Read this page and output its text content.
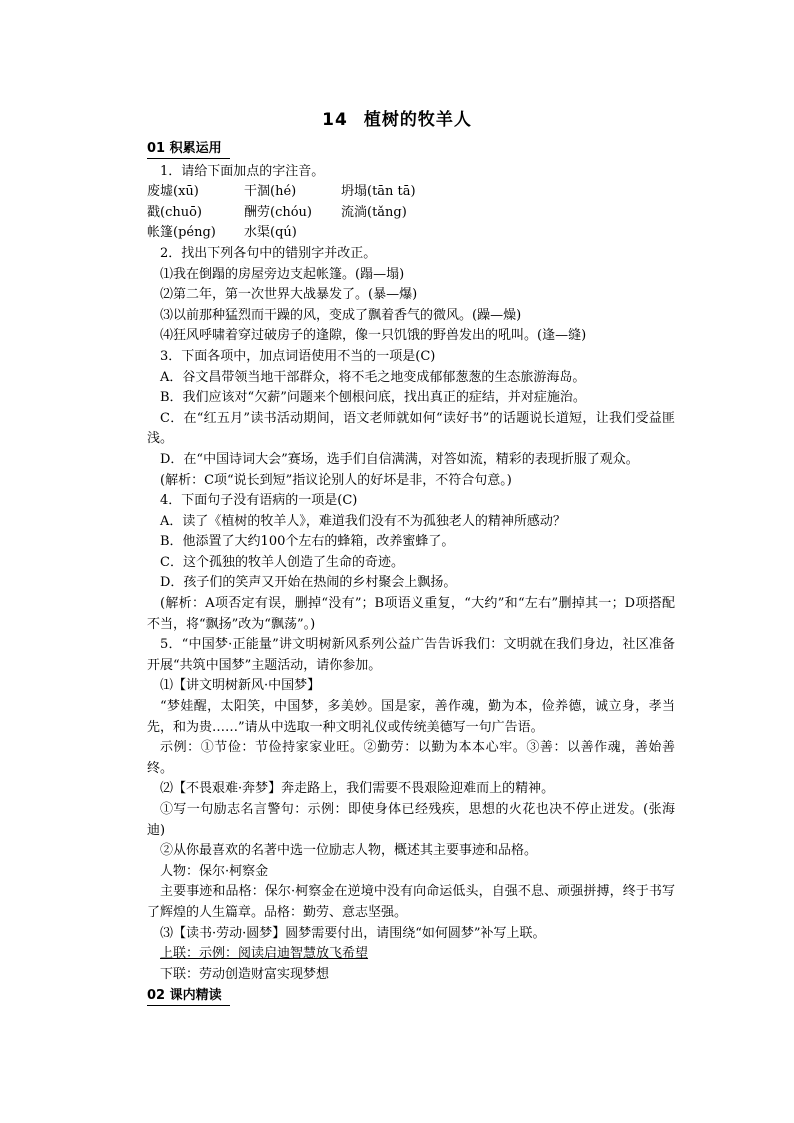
14 植树的牧羊人
01 积累运用
1．请给下面加点的字注音。
废墟(xū)	干涸(hé)	坍塌(tān tā)
戳(chuō)	酬劳(chóu)	流淌(tǎng)
帐篷(péng)	水渠(qú)
2．找出下列各句中的错别字并改正。
⑴我在倒蹋的房屋旁边支起帐篷。(蹋—塌)
⑵第二年，第一次世界大战暴发了。(暴—爆)
⑶以前那种猛烈而干躁的风，变成了飘着香气的微风。(躁—燥)
⑷狂风呼啸着穿过破房子的逢隙，像一只饥饿的野兽发出的吼叫。(逢—缝)
3．下面各项中，加点词语使用不当的一项是(C)
A．谷文昌带领当地干部群众，将不毛之地变成郁郁葱葱的生态旅游海岛。
B．我们应该对“欠薪”问题来个刨根问底，找出真正的症结，并对症施治。
C．在“红五月”读书活动期间，语文老师就如何“读好书”的话题说长道短，让我们受益匪浅。
D．在“中国诗词大会”赛场，选手们自信满满，对答如流，精彩的表现折服了观众。
(解析：C项“说长到短”指议论别人的好坏是非，不符合句意。)
4．下面句子没有语病的一项是(C)
A．读了《植树的牧羊人》，难道我们没有不为孤独老人的精神所感动？
B．他添置了大约100个左右的蜂箱，改养蜜蜂了。
C．这个孤独的牧羊人创造了生命的奇迹。
D．孩子们的笑声又开始在热闹的乡村聚会上飘扬。
(解析：A项否定有误，删掉“没有”；B项语义重复，“大约”和“左右”删掉其一；D项搭配不当，将“飘扬”改为“飘荡”。)
5．“中国梦·正能量”讲文明树新风系列公益广告告诉我们：文明就在我们身边，社区准备开展“共筑中国梦”主题活动，请你参加。
⑴【讲文明树新风·中国梦】
“梦娃醒，太阳笑，中国梦，多美妙。国是家，善作魂，勤为本，俭养德，诚立身，孝当先，和为贵……”请从中选取一种文明礼仪或传统美德写一句广告语。
示例：①节俭：节俭持家家业旺。②勤劳：以勤为本本心牢。③善：以善作魂，善始善终。
⑵【不畏艰难·奔梦】奔走路上，我们需要不畏艰险迎难而上的精神。
①写一句励志名言警句：示例：即使身体已经残疾，思想的火花也决不停止迸发。(张海迪)
②从你最喜欢的名著中选一位励志人物，概述其主要事迹和品格。
人物：保尔·柯察金
主要事迹和品格：保尔·柯察金在逆境中没有向命运低头，自强不息、顽强拼搏，终于书写了辉煌的人生篇章。品格：勤劳、意志坚强。
⑶【读书·劳动·圆梦】圆梦需要付出，请围绕“如何圆梦”补写上联。
上联：示例：阅读启迪智慧放飞希望
下联：劳动创造财富实现梦想
02 课内精读
